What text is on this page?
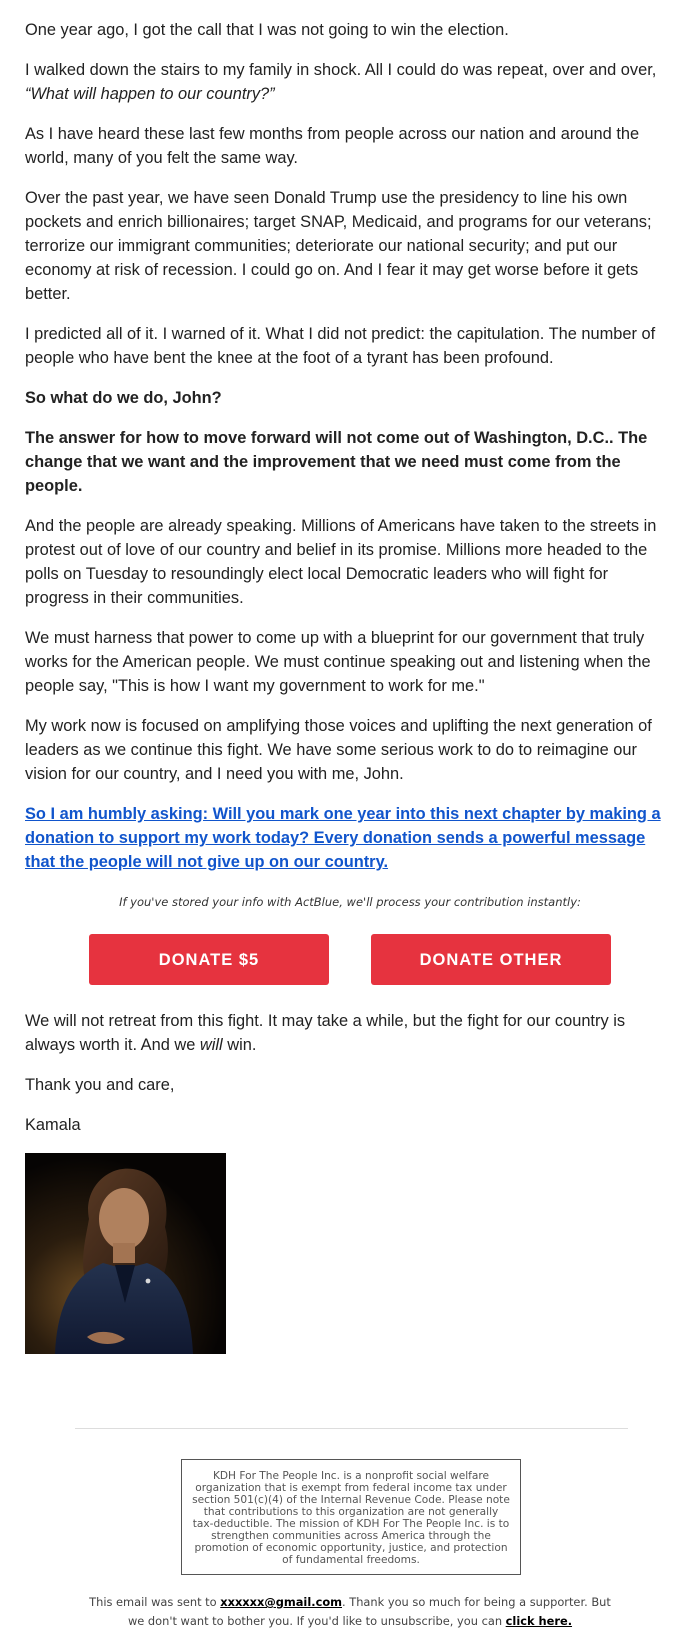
One year ago, I got the call that I was not going to win the election.

I walked down the stairs to my family in shock. All I could do was repeat, over and over, “What will happen to our country?”

As I have heard these last few months from people across our nation and around the world, many of you felt the same way.

Over the past year, we have seen Donald Trump use the presidency to line his own pockets and enrich billionaires; target SNAP, Medicaid, and programs for our veterans; terrorize our immigrant communities; deteriorate our national security; and put our economy at risk of recession. I could go on. And I fear it may get worse before it gets better.

I predicted all of it. I warned of it. What I did not predict: the capitulation. The number of people who have bent the knee at the foot of a tyrant has been profound.

So what do we do, John?

The answer for how to move forward will not come out of Washington, D.C.. The change that we want and the improvement that we need must come from the people.

And the people are already speaking. Millions of Americans have taken to the streets in protest out of love of our country and belief in its promise. Millions more headed to the polls on Tuesday to resoundingly elect local Democratic leaders who will fight for progress in their communities.

We must harness that power to come up with a blueprint for our government that truly works for the American people. We must continue speaking out and listening when the people say, "This is how I want my government to work for me."

My work now is focused on amplifying those voices and uplifting the next generation of leaders as we continue this fight. We have some serious work to do to reimagine our vision for our country, and I need you with me, John.

So I am humbly asking: Will you mark one year into this next chapter by making a donation to support my work today? Every donation sends a powerful message that the people will not give up on our country.
If you've stored your info with ActBlue, we'll process your contribution instantly:
DONATE $5	DONATE OTHER

We will not retreat from this fight. It may take a while, but the fight for our country is always worth it. And we will win.

Thank you and care,

Kamala

KDH For The People Inc. is a nonprofit social welfare organization that is exempt from federal income tax under section 501(c)(4) of the Internal Revenue Code. Please note that contributions to this organization are not generally tax-deductible. The mission of KDH For The People Inc. is to strengthen communities across America through the promotion of economic opportunity, justice, and protection of fundamental freedoms.
This email was sent to xxxxxx@gmail.com. Thank you so much for being a supporter. But we don't want to bother you. If you'd like to unsubscribe, you can click here.
